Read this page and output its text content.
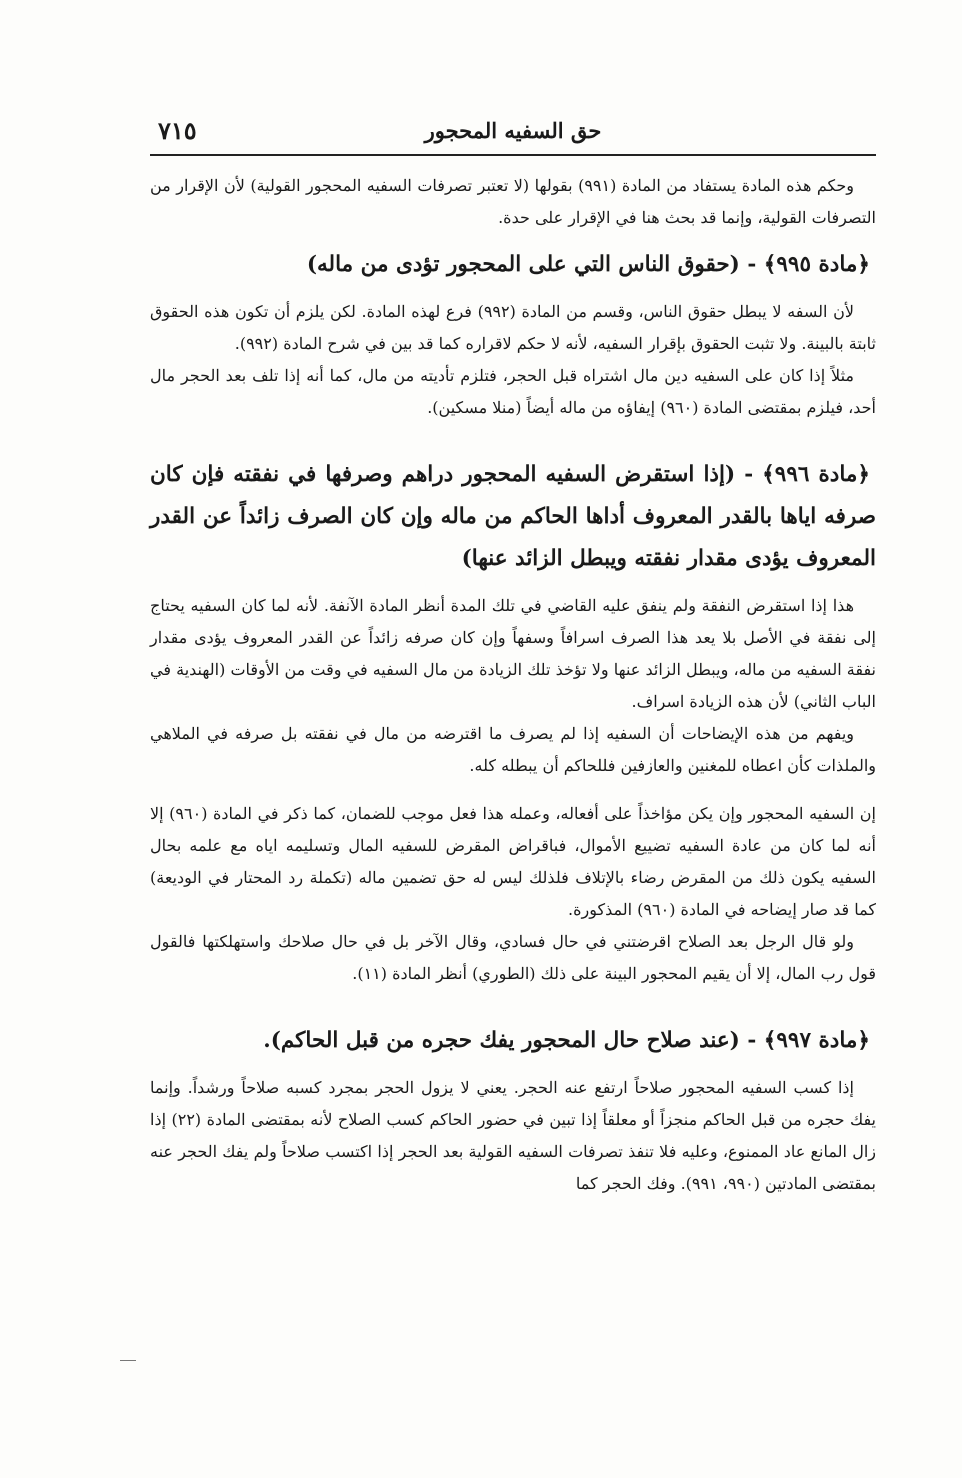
حق السفيه المحجور
٧١٥

وحكم هذه المادة يستفاد من المادة (٩٩١) بقولها (لا تعتبر تصرفات السفيه المحجور القولية) لأن الإقرار من التصرفات القولية، وإنما قد بحث هنا في الإقرار على حدة.

﴿مادة ٩٩٥﴾ - (حقوق الناس التي على المحجور تؤدى من ماله)

لأن السفه لا يبطل حقوق الناس، وقسم من المادة (٩٩٢) فرع لهذه المادة. لكن يلزم أن تكون هذه الحقوق ثابتة بالبينة. ولا تثبت الحقوق بإقرار السفيه، لأنه لا حكم لاقراره كما قد بين في شرح المادة (٩٩٢).

مثلاً إذا كان على السفيه دين مال اشتراه قبل الحجر، فتلزم تأديته من مال، كما أنه إذا تلف بعد الحجر مال أحد، فيلزم بمقتضى المادة (٩٦٠) إيفاؤه من ماله أيضاً (منلا مسكين).

﴿مادة ٩٩٦﴾ - (إذا استقرض السفيه المحجور دراهم وصرفها في نفقته فإن كان صرفه اياها بالقدر المعروف أداها الحاكم من ماله وإن كان الصرف زائداً عن القدر المعروف يؤدى مقدار نفقته ويبطل الزائد عنها)

هذا إذا استقرض النفقة ولم ينفق عليه القاضي في تلك المدة أنظر المادة الآنفة. لأنه لما كان السفيه يحتاج إلى نفقة في الأصل بلا يعد هذا الصرف اسرافاً وسفهاً وإن كان صرفه زائداً عن القدر المعروف يؤدى مقدار نفقة السفيه من ماله، ويبطل الزائد عنها ولا تؤخذ تلك الزيادة من مال السفيه في وقت من الأوقات (الهندية في الباب الثاني) لأن هذه الزيادة اسراف.

ويفهم من هذه الإيضاحات أن السفيه إذا لم يصرف ما اقترضه من مال في نفقته بل صرفه في الملاهي والملذات كأن اعطاه للمغنين والعازفين فللحاكم أن يبطله كله.

إن السفيه المحجور وإن يكن مؤاخذاً على أفعاله، وعمله هذا فعل موجب للضمان، كما ذكر في المادة (٩٦٠) إلا أنه لما كان من عادة السفيه تضييع الأموال، فباقراض المقرض للسفيه المال وتسليمه اياه مع علمه بحال السفيه يكون ذلك من المقرض رضاء بالإتلاف فلذلك ليس له حق تضمين ماله (تكملة رد المحتار في الوديعة) كما قد صار إيضاحه في المادة (٩٦٠) المذكورة.

ولو قال الرجل بعد الصلاح اقرضتني في حال فسادي، وقال الآخر بل في حال صلاحك واستهلكتها فالقول قول رب المال، إلا أن يقيم المحجور البينة على ذلك (الطوري) أنظر المادة (١١).

﴿مادة ٩٩٧﴾ - (عند صلاح حال المحجور يفك حجره من قبل الحاكم).

إذا كسب السفيه المحجور صلاحاً ارتفع عنه الحجر. يعني لا يزول الحجر بمجرد كسبه صلاحاً ورشداً. وإنما يفك حجره من قبل الحاكم منجزاً أو معلقاً إذا تبين في حضور الحاكم كسب الصلاح لأنه بمقتضى المادة (٢٢) إذا زال المانع عاد الممنوع، وعليه فلا تنفذ تصرفات السفيه القولية بعد الحجر إذا اكتسب صلاحاً ولم يفك الحجر عنه بمقتضى المادتين (٩٩٠، ٩٩١). وفك الحجر كما
